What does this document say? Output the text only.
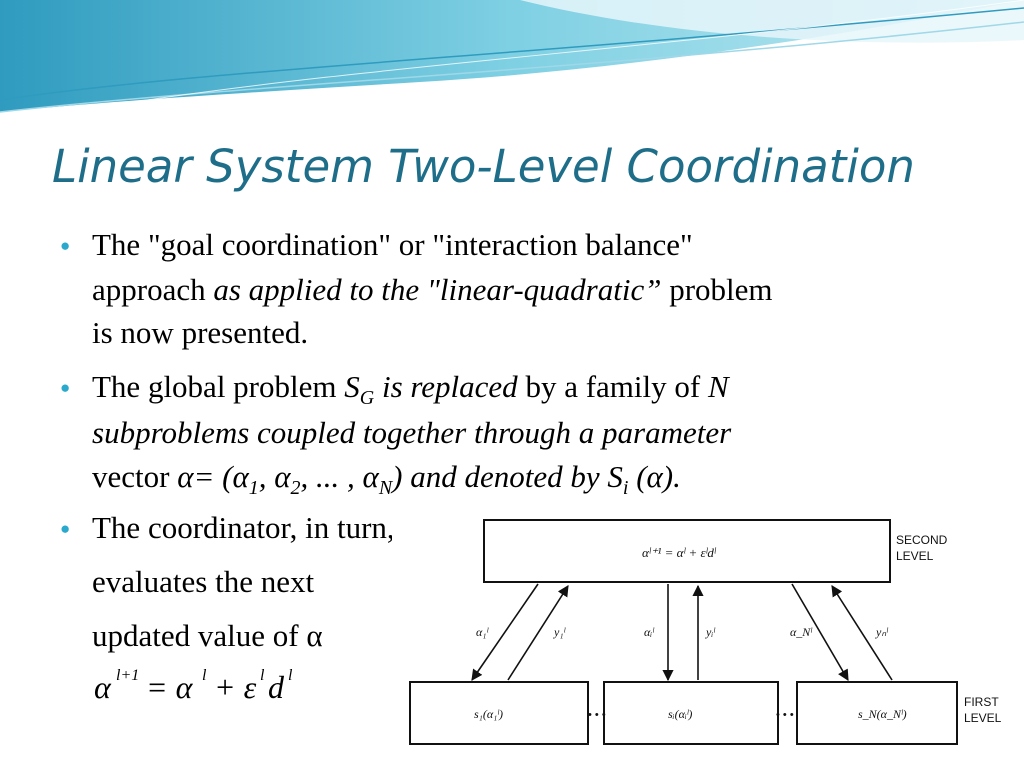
Linear System Two-Level Coordination
● The "goal coordination" or "interaction balance"
approach as applied to the "linear-quadratic” problem
is now presented.
● The global problem $S_G$ is replaced by a family of N
subproblems coupled together through a parameter
vector $\alpha= (\alpha_1$, $\alpha_2$, ... , $\alpha_N$) and denoted by $S_i$ (α).
● The coordinator, in turn,
evaluates the next
updated value of α
α l+1 = α l + ε l d l
αˡ⁺¹ = αˡ + εˡdˡ
SECOND
LEVEL
s₁(α₁ˡ)	sᵢ(αᵢˡ)	s_N(α_Nˡ)
• • •	• • •
FIRST
LEVEL
α₁ˡ	y₁ˡ	αᵢˡ	yᵢˡ	α_Nˡ	yₙˡ
